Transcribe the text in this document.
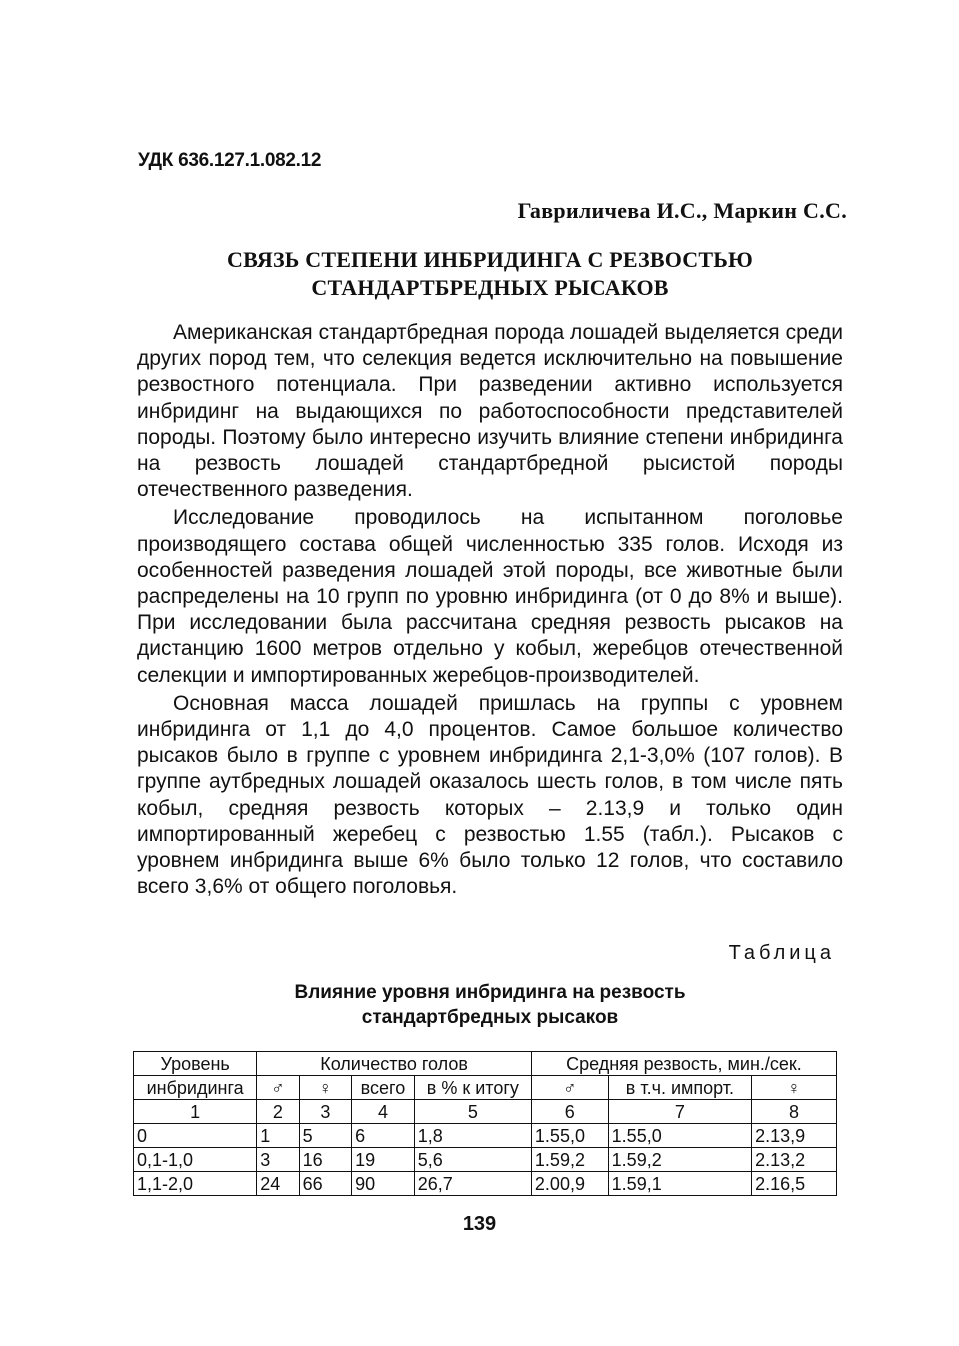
УДК 636.127.1.082.12
Гавриличева И.С., Маркин С.С.
СВЯЗЬ СТЕПЕНИ ИНБРИДИНГА С РЕЗВОСТЬЮ
СТАНДАРТБРЕДНЫХ РЫСАКОВ

Американская стандартбредная порода лошадей выделяется среди других пород тем, что селекция ведется исключительно на повышение резвостного потенциала. При разведении активно используется инбридинг на выдающихся по работоспособности представителей породы. Поэтому было интересно изучить влияние степени инбридинга на резвость лошадей стандартбредной рысистой породы отечественного разведения.

Исследование проводилось на испытанном поголовье производящего состава общей численностью 335 голов. Исходя из особенностей разведения лошадей этой породы, все животные были распределены на 10 групп по уровню инбридинга (от 0 до 8% и выше). При исследовании была рассчитана средняя резвость рысаков на дистанцию 1600 метров отдельно у кобыл, жеребцов отечественной селекции и импортированных жеребцов-производителей.

Основная масса лошадей пришлась на группы с уровнем инбридинга от 1,1 до 4,0 процентов. Самое большое количество рысаков было в группе с уровнем инбридинга 2,1-3,0% (107 голов). В группе аутбредных лошадей оказалось шесть голов, в том числе пять кобыл, средняя резвость которых – 2.13,9 и только один импортированный жеребец с резвостью 1.55 (табл.). Рысаков с уровнем инбридинга выше 6% было только 12 голов, что составило всего 3,6% от общего поголовья.

Таблица
Влияние уровня инбридинга на резвость
стандартбредных рысаков
Уровень	Количество голов				Средняя резвость, мин./сек.		
инбридинга	♂	♀	всего	в % к итогу	♂	в т.ч. импорт.	♀
1	2	3	4	5	6	7	8
0	1	5	6	1,8	1.55,0	1.55,0	2.13,9
0,1-1,0	3	16	19	5,6	1.59,2	1.59,2	2.13,2
1,1-2,0	24	66	90	26,7	2.00,9	1.59,1	2.16,5
139
